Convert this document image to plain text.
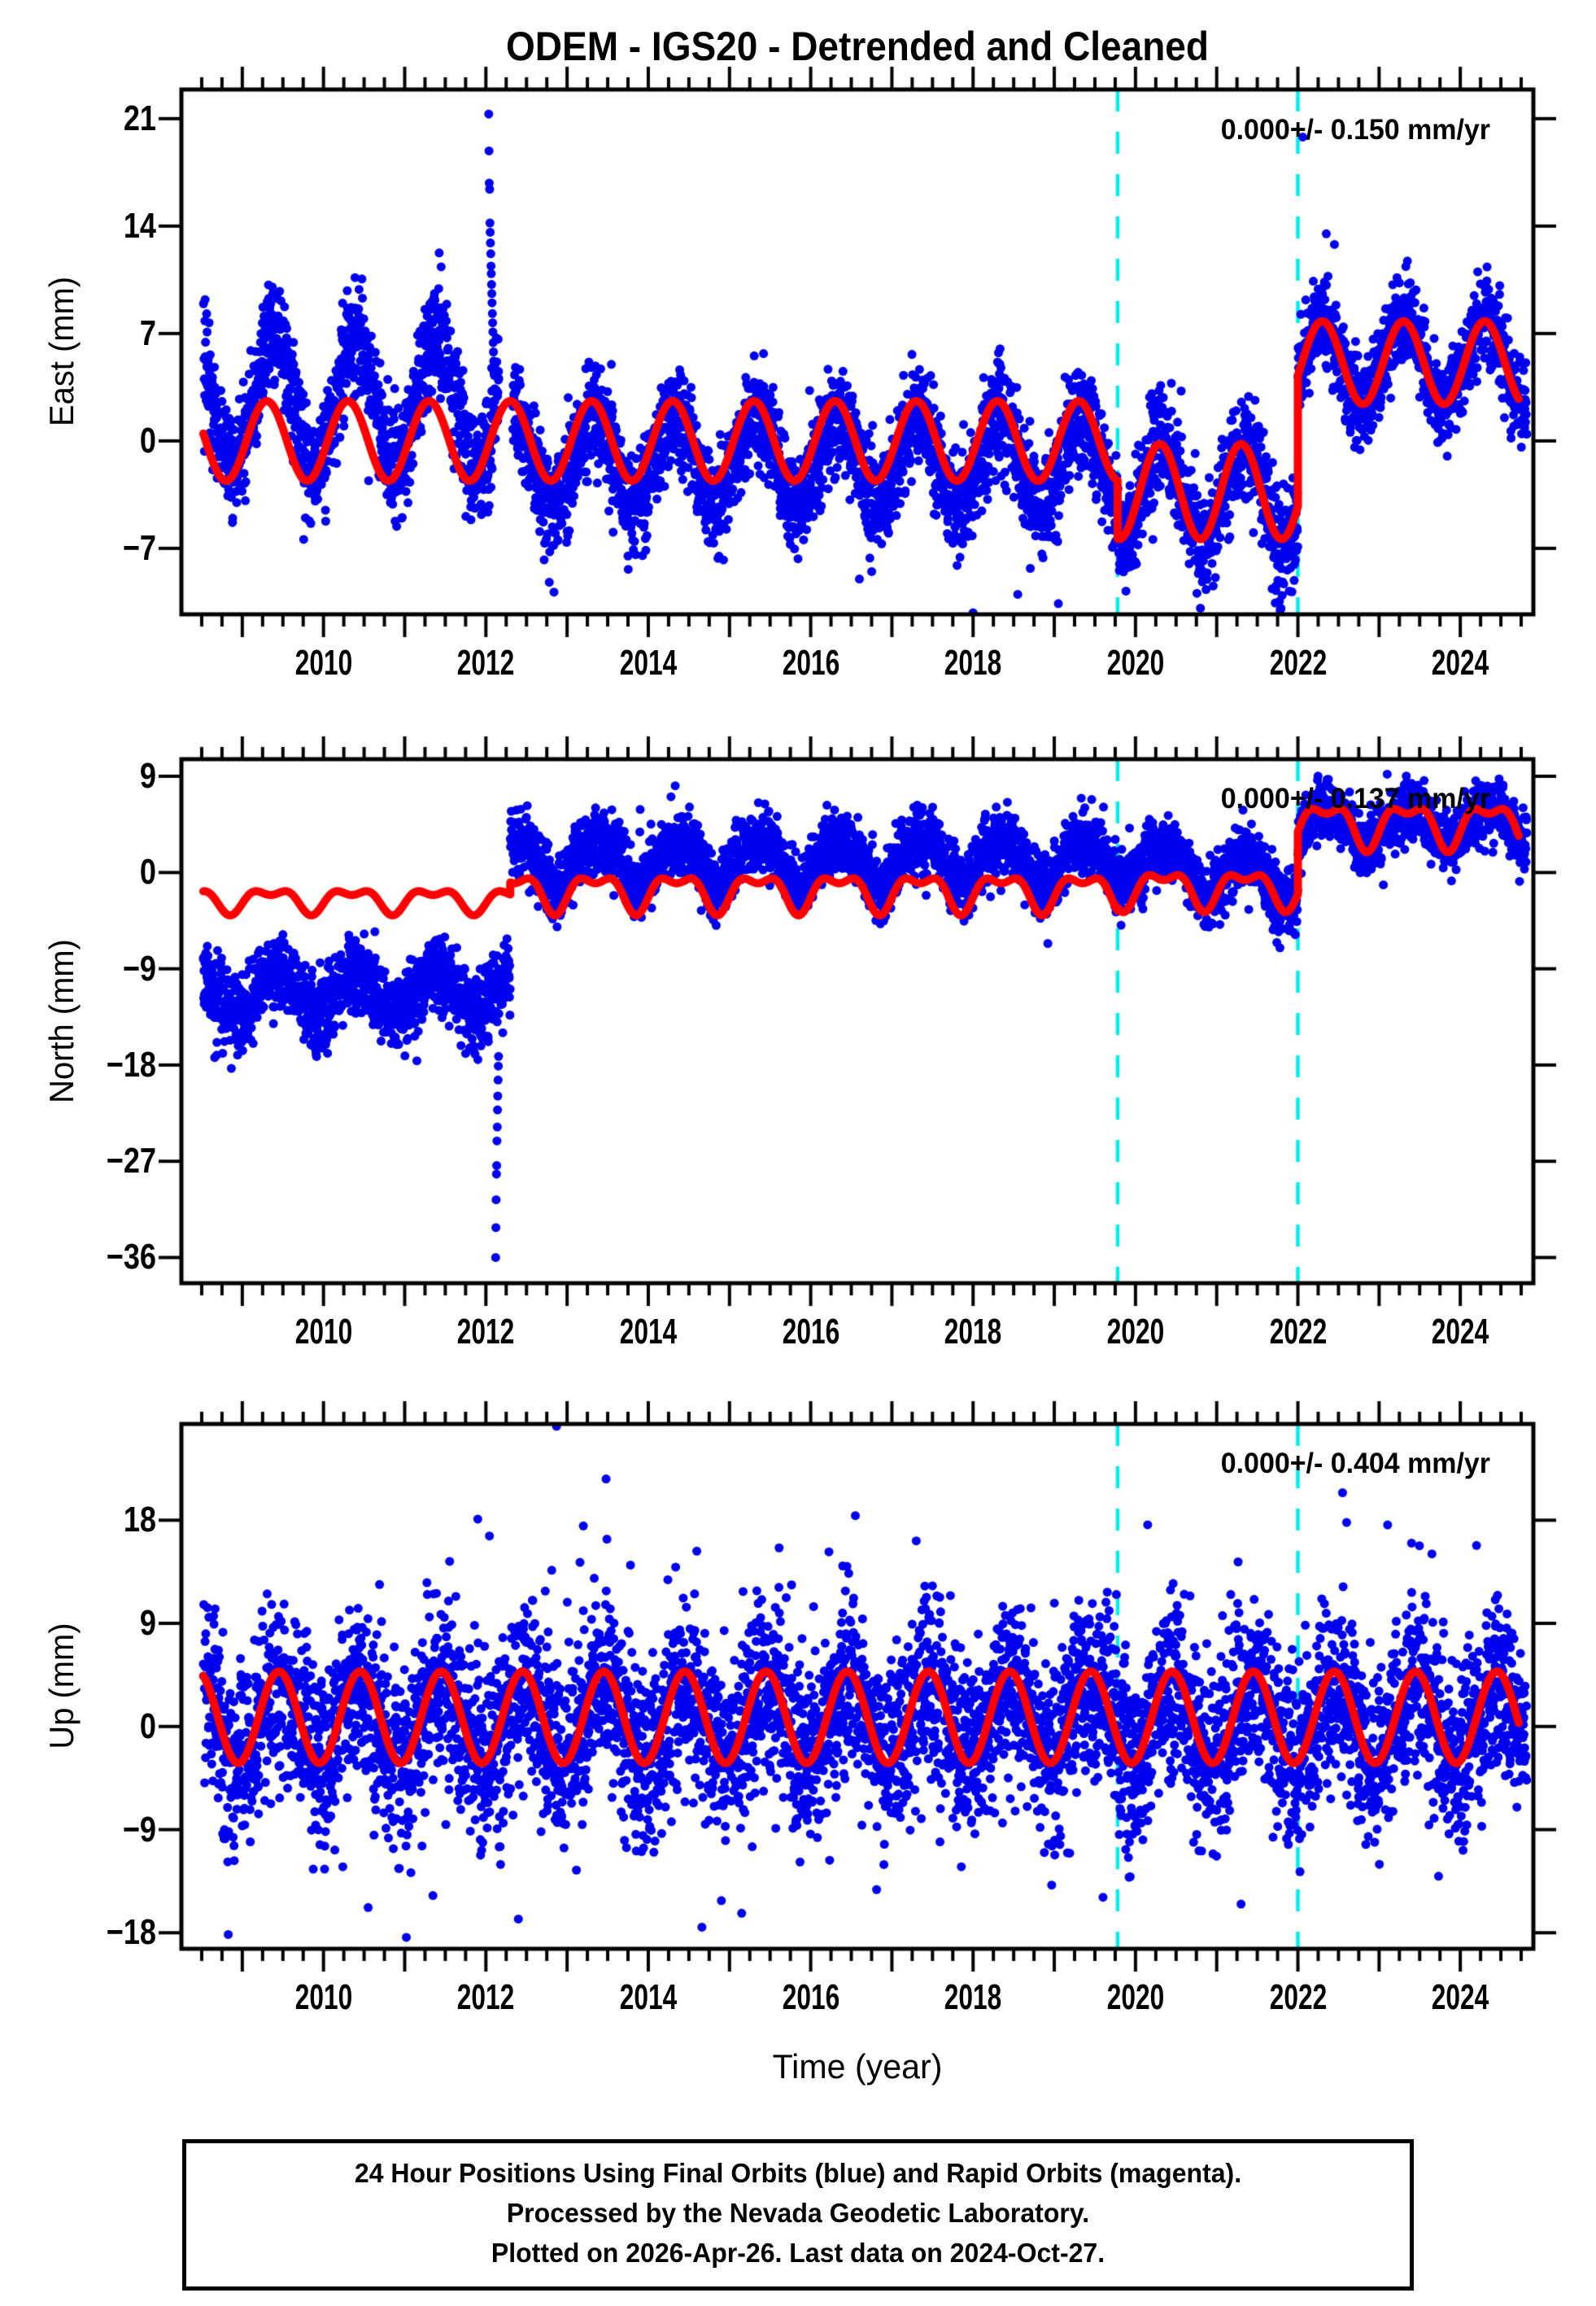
ODEM - IGS20 - Detrended and Cleaned
East (mm)
North (mm)
Up (mm)
0.000+/- 0.150 mm/yr
0.000+/- 0.137 mm/yr
0.000+/- 0.404 mm/yr
Time (year)
21
14
7
0
−7
2010	2012	2014	2016	2018	2020	2022	2024
9
0
−9
−18
−27
−36
2010	2012	2014	2016	2018	2020	2022	2024
18
9
0
−9
−18
2010	2012	2014	2016	2018	2020	2022	2024
24 Hour Positions Using Final Orbits (blue) and Rapid Orbits (magenta).
Processed by the Nevada Geodetic Laboratory.
Plotted on 2026-Apr-26. Last data on 2024-Oct-27.
